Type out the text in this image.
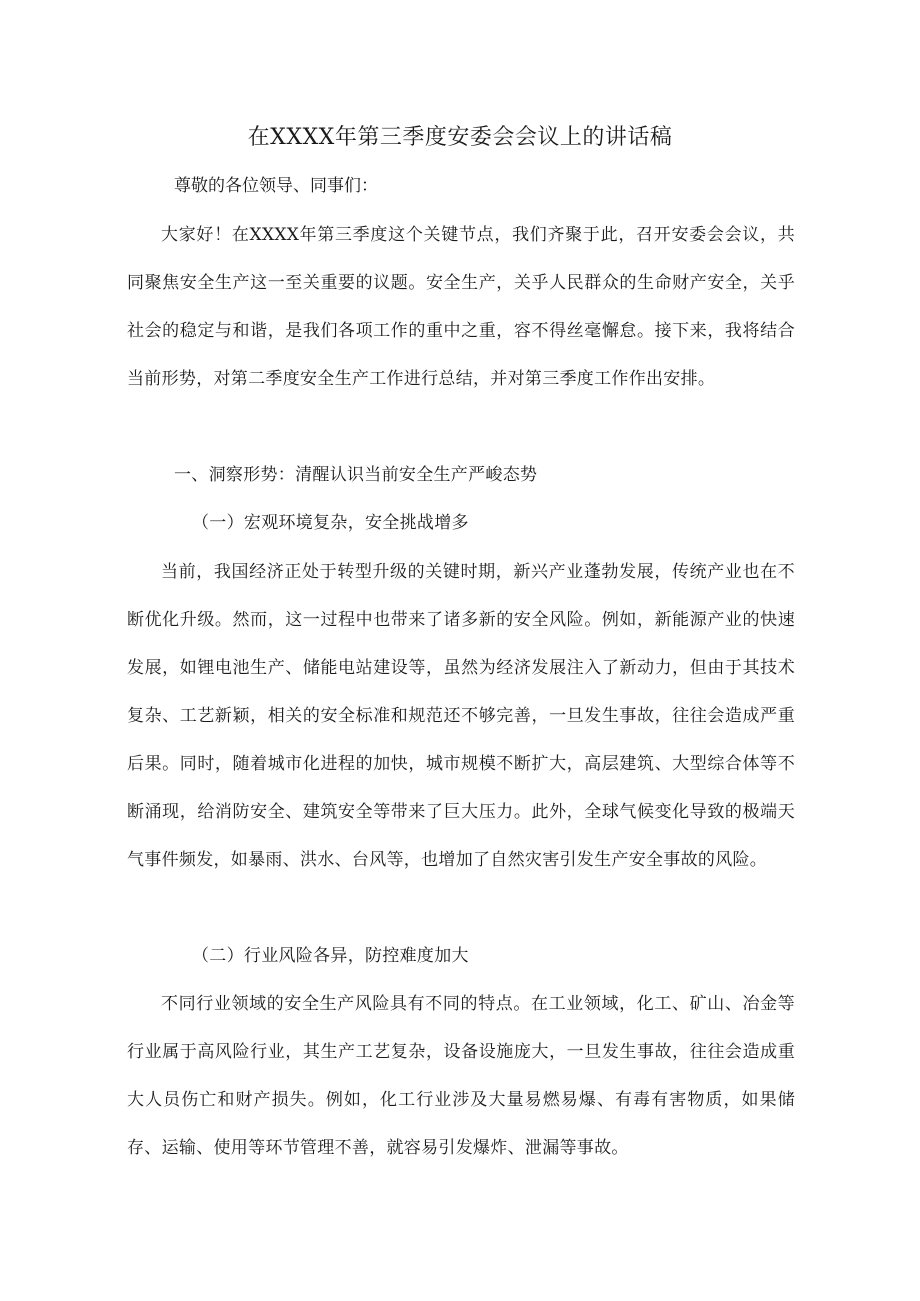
在XXXX年第三季度安委会会议上的讲话稿
尊敬的各位领导、同事们：

大家好！在XXXX年第三季度这个关键节点，我们齐聚于此，召开安委会会议，共同聚焦安全生产这一至关重要的议题。安全生产，关乎人民群众的生命财产安全，关乎社会的稳定与和谐，是我们各项工作的重中之重，容不得丝毫懈怠。接下来，我将结合当前形势，对第二季度安全生产工作进行总结，并对第三季度工作作出安排。

一、洞察形势：清醒认识当前安全生产严峻态势
（一）宏观环境复杂，安全挑战增多

当前，我国经济正处于转型升级的关键时期，新兴产业蓬勃发展，传统产业也在不断优化升级。然而，这一过程中也带来了诸多新的安全风险。例如，新能源产业的快速发展，如锂电池生产、储能电站建设等，虽然为经济发展注入了新动力，但由于其技术复杂、工艺新颖，相关的安全标准和规范还不够完善，一旦发生事故，往往会造成严重后果。同时，随着城市化进程的加快，城市规模不断扩大，高层建筑、大型综合体等不断涌现，给消防安全、建筑安全等带来了巨大压力。此外，全球气候变化导致的极端天气事件频发，如暴雨、洪水、台风等，也增加了自然灾害引发生产安全事故的风险。

（二）行业风险各异，防控难度加大

不同行业领域的安全生产风险具有不同的特点。在工业领域，化工、矿山、冶金等行业属于高风险行业，其生产工艺复杂，设备设施庞大，一旦发生事故，往往会造成重大人员伤亡和财产损失。例如，化工行业涉及大量易燃易爆、有毒有害物质，如果储存、运输、使用等环节管理不善，就容易引发爆炸、泄漏等事故。
